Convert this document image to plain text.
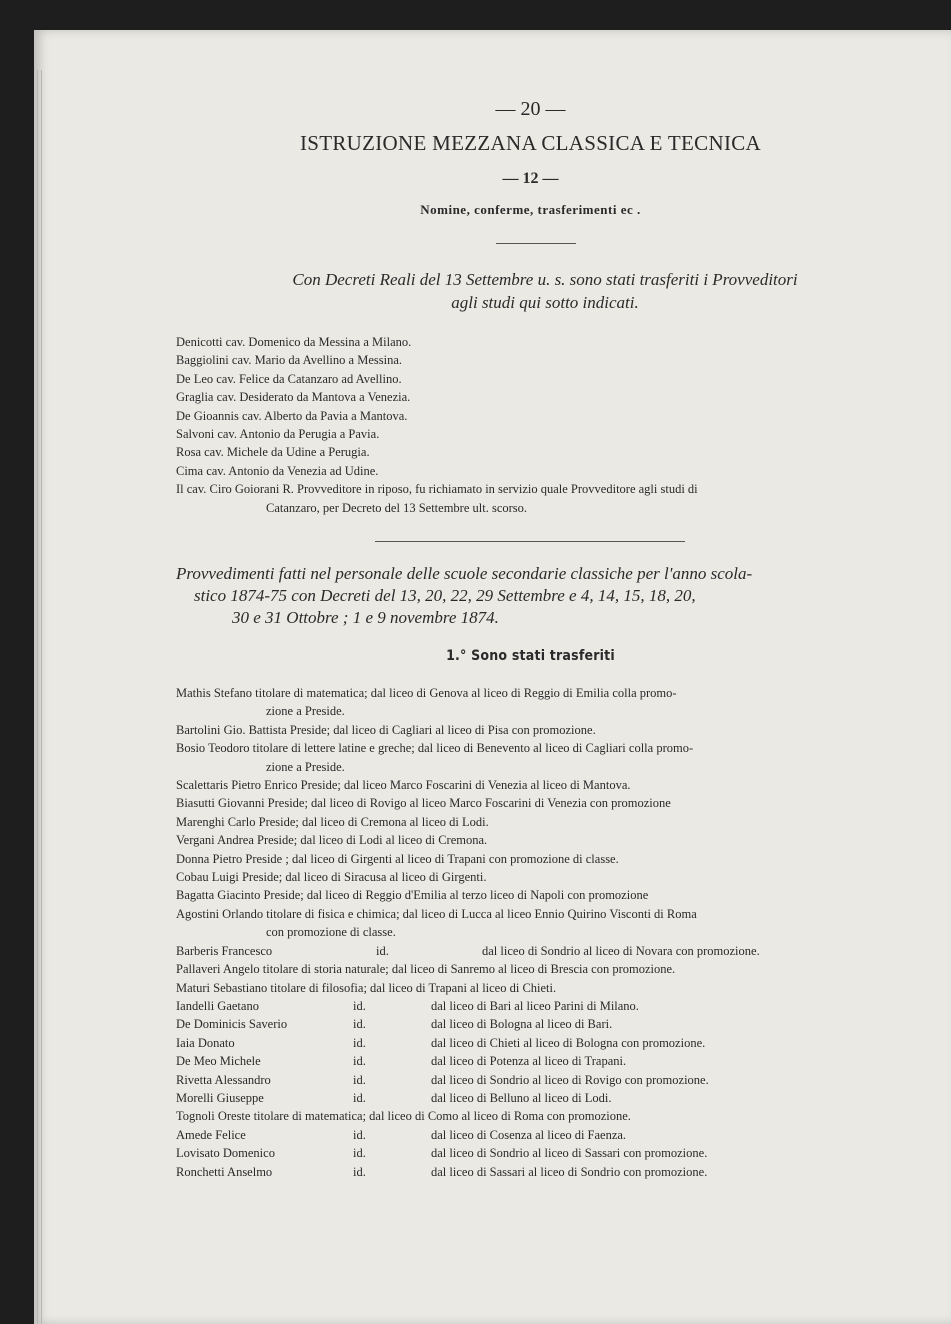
— 20 —
ISTRUZIONE MEZZANA CLASSICA E TECNICA
— 12 —
Nomine, conferme, trasferimenti ec .
Con Decreti Reali del 13 Settembre u. s. sono stati trasferiti i Provveditori
agli studi qui sotto indicati.
Denicotti cav. Domenico da Messina a Milano.
Baggiolini cav. Mario da Avellino a Messina.
De Leo cav. Felice da Catanzaro ad Avellino.
Graglia cav. Desiderato da Mantova a Venezia.
De Gioannis cav. Alberto da Pavia a Mantova.
Salvoni cav. Antonio da Perugia a Pavia.
Rosa cav. Michele da Udine a Perugia.
Cima cav. Antonio da Venezia ad Udine.
Il cav. Ciro Goiorani R. Provveditore in riposo, fu richiamato in servizio quale Provveditore agli studi di
Catanzaro, per Decreto del 13 Settembre ult. scorso.
Provvedimenti fatti nel personale delle scuole secondarie classiche per l'anno scola-
stico 1874-75 con Decreti del 13, 20, 22, 29 Settembre e 4, 14, 15, 18, 20,
30 e 31 Ottobre ; 1 e 9 novembre 1874.
1.° Sono stati trasferiti
Mathis Stefano titolare di matematica; dal liceo di Genova al liceo di Reggio di Emilia colla promo-
zione a Preside.
Bartolini Gio. Battista Preside; dal liceo di Cagliari al liceo di Pisa con promozione.
Bosio Teodoro titolare di lettere latine e greche; dal liceo di Benevento al liceo di Cagliari colla promo-
zione a Preside.
Scalettaris Pietro Enrico Preside; dal liceo Marco Foscarini di Venezia al liceo di Mantova.
Biasutti Giovanni Preside; dal liceo di Rovigo al liceo Marco Foscarini di Venezia con promozione
Marenghi Carlo Preside; dal liceo di Cremona al liceo di Lodi.
Vergani Andrea Preside; dal liceo di Lodi al liceo di Cremona.
Donna Pietro Preside ; dal liceo di Girgenti al liceo di Trapani con promozione di classe.
Cobau Luigi Preside; dal liceo di Siracusa al liceo di Girgenti.
Bagatta Giacinto Preside; dal liceo di Reggio d'Emilia al terzo liceo di Napoli con promozione
Agostini Orlando titolare di fisica e chimica; dal liceo di Lucca al liceo Ennio Quirino Visconti di Roma
con promozione di classe.
Barberis Francesco	id.	dal liceo di Sondrio al liceo di Novara con promozione.
Pallaveri Angelo titolare di storia naturale; dal liceo di Sanremo al liceo di Brescia con promozione.
Maturi Sebastiano titolare di filosofia; dal liceo di Trapani al liceo di Chieti.
Iandelli Gaetano	id.	dal liceo di Bari al liceo Parini di Milano.
De Dominicis Saverio	id.	dal liceo di Bologna al liceo di Bari.
Iaia Donato	id.	dal liceo di Chieti al liceo di Bologna con promozione.
De Meo Michele	id.	dal liceo di Potenza al liceo di Trapani.
Rivetta Alessandro	id.	dal liceo di Sondrio al liceo di Rovigo con promozione.
Morelli Giuseppe	id.	dal liceo di Belluno al liceo di Lodi.
Tognoli Oreste titolare di matematica; dal liceo di Como al liceo di Roma con promozione.
Amede Felice	id.	dal liceo di Cosenza al liceo di Faenza.
Lovisato Domenico	id.	dal liceo di Sondrio al liceo di Sassari con promozione.
Ronchetti Anselmo	id.	dal liceo di Sassari al liceo di Sondrio con promozione.
